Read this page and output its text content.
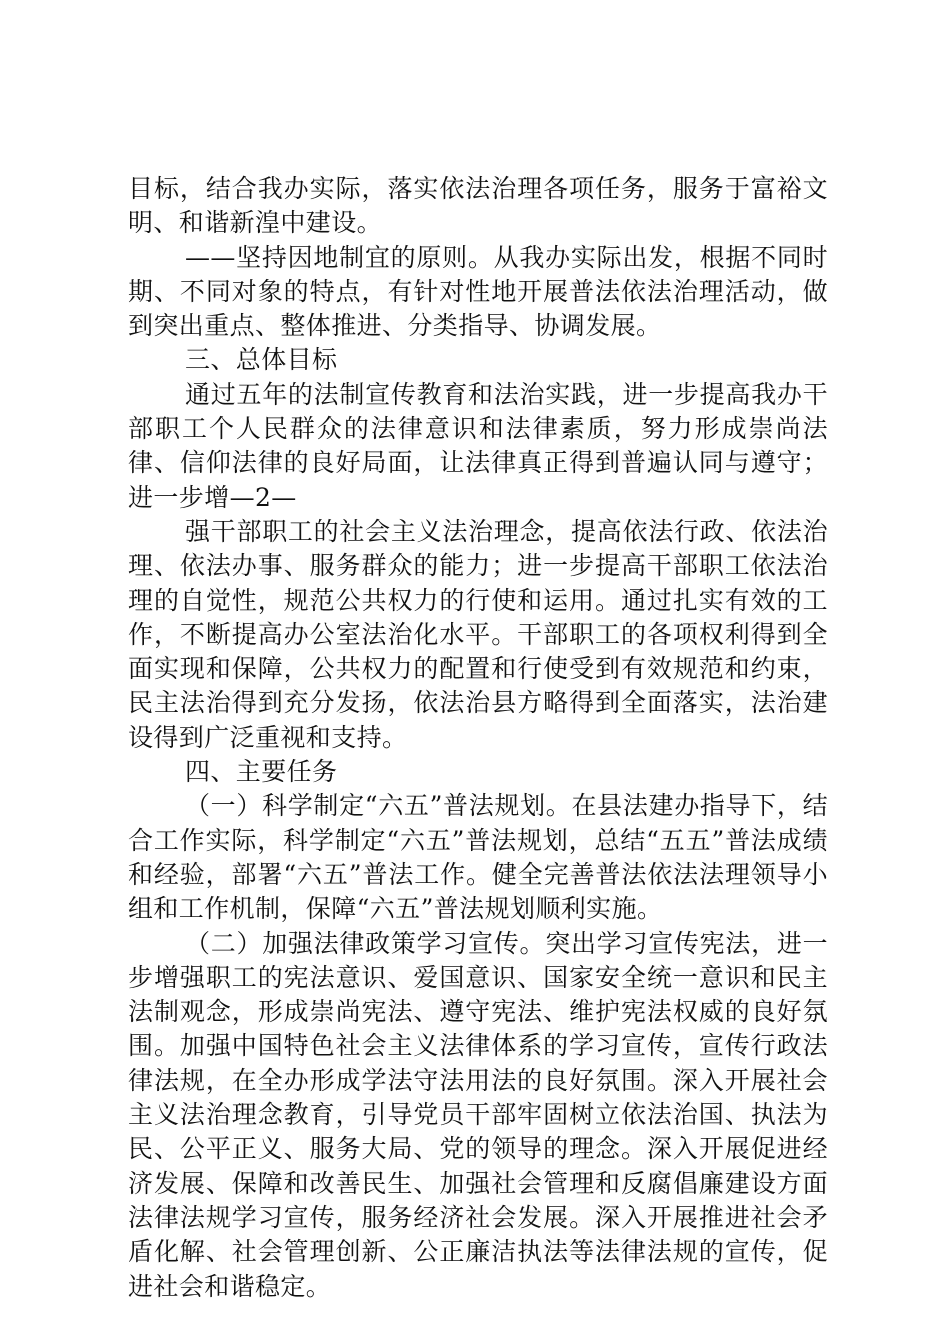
目标，结合我办实际，落实依法治理各项任务，服务于富裕文明、和谐新湟中建设。

——坚持因地制宜的原则。从我办实际出发，根据不同时期、不同对象的特点，有针对性地开展普法依法治理活动，做到突出重点、整体推进、分类指导、协调发展。

三、总体目标

通过五年的法制宣传教育和法治实践，进一步提高我办干部职工个人民群众的法律意识和法律素质，努力形成崇尚法律、信仰法律的良好局面，让法律真正得到普遍认同与遵守；进一步增—2—

强干部职工的社会主义法治理念，提高依法行政、依法治理、依法办事、服务群众的能力；进一步提高干部职工依法治理的自觉性，规范公共权力的行使和运用。通过扎实有效的工作，不断提高办公室法治化水平。干部职工的各项权利得到全面实现和保障，公共权力的配置和行使受到有效规范和约束，民主法治得到充分发扬，依法治县方略得到全面落实，法治建设得到广泛重视和支持。

四、主要任务

（一）科学制定“六五”普法规划。在县法建办指导下，结合工作实际，科学制定“六五”普法规划，总结“五五”普法成绩和经验，部署“六五”普法工作。健全完善普法依法法理领导小组和工作机制，保障“六五”普法规划顺利实施。

（二）加强法律政策学习宣传。突出学习宣传宪法，进一步增强职工的宪法意识、爱国意识、国家安全统一意识和民主法制观念，形成崇尚宪法、遵守宪法、维护宪法权威的良好氛围。加强中国特色社会主义法律体系的学习宣传，宣传行政法律法规，在全办形成学法守法用法的良好氛围。深入开展社会主义法治理念教育，引导党员干部牢固树立依法治国、执法为民、公平正义、服务大局、党的领导的理念。深入开展促进经济发展、保障和改善民生、加强社会管理和反腐倡廉建设方面法律法规学习宣传，服务经济社会发展。深入开展推进社会矛盾化解、社会管理创新、公正廉洁执法等法律法规的宣传，促进社会和谐稳定。
